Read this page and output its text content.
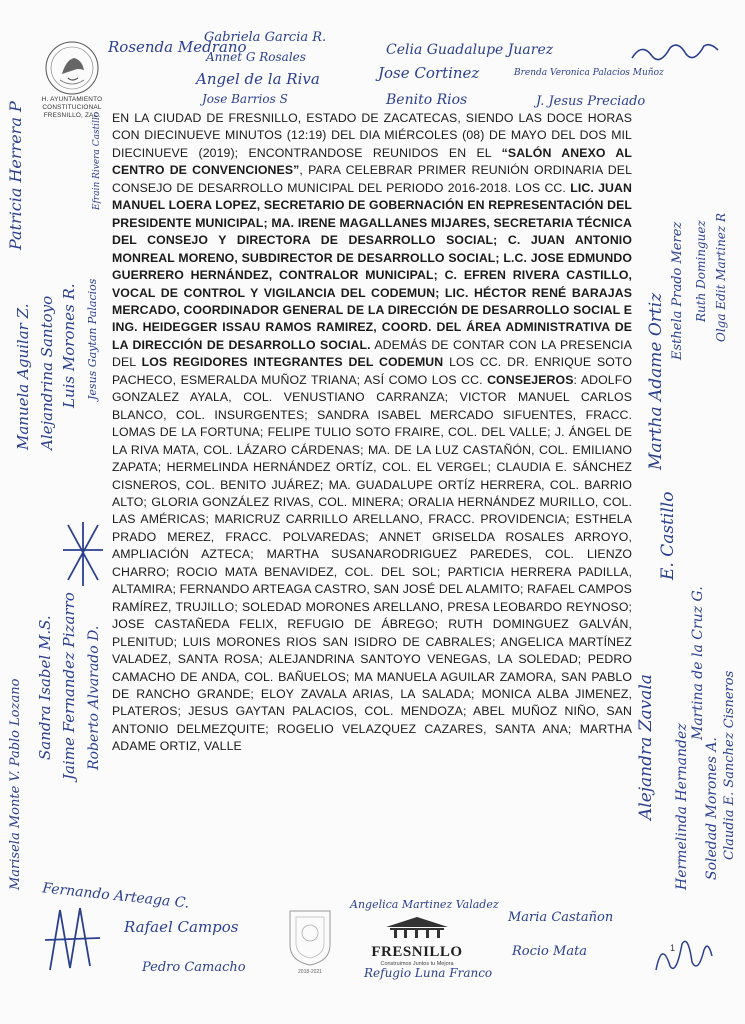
H. AYUNTAMIENTO
CONSTITUCIONAL
FRESNILLO, ZAC. EN LA CIUDAD DE FRESNILLO, ESTADO DE ZACATECAS, SIENDO LAS DOCE HORAS CON DIECINUEVE MINUTOS (12:19) DEL DIA MIÉRCOLES (08) DE MAYO DEL DOS MIL DIECINUEVE (2019); ENCONTRANDOSE REUNIDOS EN EL “SALÓN ANEXO AL CENTRO DE CONVENCIONES”, PARA CELEBRAR PRIMER REUNIÓN ORDINARIA DEL CONSEJO DE DESARROLLO MUNICIPAL DEL PERIODO 2016-2018. LOS CC. LIC. JUAN MANUEL LOERA LOPEZ, SECRETARIO DE GOBERNACIÓN EN REPRESENTACIÓN DEL PRESIDENTE MUNICIPAL; MA. IRENE MAGALLANES MIJARES, SECRETARIA TÉCNICA DEL CONSEJO Y DIRECTORA DE DESARROLLO SOCIAL; C. JUAN ANTONIO MONREAL MORENO, SUBDIRECTOR DE DESARROLLO SOCIAL; L.C. JOSE EDMUNDO GUERRERO HERNÁNDEZ, CONTRALOR MUNICIPAL; C. EFREN RIVERA CASTILLO, VOCAL DE CONTROL Y VIGILANCIA DEL CODEMUN; LIC. HÉCTOR RENÉ BARAJAS MERCADO, COORDINADOR GENERAL DE LA DIRECCIÓN DE DESARROLLO SOCIAL E ING. HEIDEGGER ISSAU RAMOS RAMIREZ, COORD. DEL ÁREA ADMINISTRATIVA DE LA DIRECCIÓN DE DESARROLLO SOCIAL. ADEMÁS DE CONTAR CON LA PRESENCIA DEL LOS REGIDORES INTEGRANTES DEL CODEMUN LOS CC. DR. ENRIQUE SOTO PACHECO, ESMERALDA MUÑOZ TRIANA; ASÍ COMO LOS CC. CONSEJEROS: ADOLFO GONZALEZ AYALA, COL. VENUSTIANO CARRANZA; VICTOR MANUEL CARLOS BLANCO, COL. INSURGENTES; SANDRA ISABEL MERCADO SIFUENTES, FRACC. LOMAS DE LA FORTUNA; FELIPE TULIO SOTO FRAIRE, COL. DEL VALLE; J. ÁNGEL DE LA RIVA MATA, COL. LÁZARO CÁRDENAS; MA. DE LA LUZ CASTAÑÓN, COL. EMILIANO ZAPATA; HERMELINDA HERNÁNDEZ ORTÍZ, COL. EL VERGEL; CLAUDIA E. SÁNCHEZ CISNEROS, COL. BENITO JUÁREZ; MA. GUADALUPE ORTÍZ HERRERA, COL. BARRIO ALTO; GLORIA GONZÁLEZ RIVAS, COL. MINERA; ORALIA HERNÁNDEZ MURILLO, COL. LAS AMÉRICAS; MARICRUZ CARRILLO ARELLANO, FRACC. PROVIDENCIA; ESTHELA PRADO MEREZ, FRACC. POLVAREDAS; ANNET GRISELDA ROSALES ARROYO, AMPLIACIÓN AZTECA; MARTHA SUSANARODRIGUEZ PAREDES, COL. LIENZO CHARRO; ROCIO MATA BENAVIDEZ, COL. DEL SOL; PARTICIA HERRERA PADILLA, ALTAMIRA; FERNANDO ARTEAGA CASTRO, SAN JOSÉ DEL ALAMITO; RAFAEL CAMPOS RAMÍREZ, TRUJILLO; SOLEDAD MORONES ARELLANO, PRESA LEOBARDO REYNOSO; JOSE CASTAÑEDA FELIX, REFUGIO DE ÁBREGO; RUTH DOMINGUEZ GALVÁN, PLENITUD; LUIS MORONES RIOS SAN ISIDRO DE CABRALES; ANGELICA MARTÍNEZ VALADEZ, SANTA ROSA; ALEJANDRINA SANTOYO VENEGAS, LA SOLEDAD; PEDRO CAMACHO DE ANDA, COL. BAÑUELOS; MA MANUELA AGUILAR ZAMORA, SAN PABLO DE RANCHO GRANDE; ELOY ZAVALA ARIAS, LA SALADA; MONICA ALBA JIMENEZ, PLATEROS; JESUS GAYTAN PALACIOS, COL. MENDOZA; ABEL MUÑOZ NIÑO, SAN ANTONIO DELMEZQUITE; ROGELIO VELAZQUEZ CAZARES, SANTA ANA; MARTHA ADAME ORTIZ, VALLE

Rosenda Medrano
Gabriela Garcia R.
Annet G Rosales	Celia Guadalupe Juarez
Jose Cortinez	Brenda Veronica Palacios Muñoz
Angel de la Riva
Jose Barrios S	Benito Rios	J. Jesus Preciado
Patricia Herrera P
Manuela Aguilar Z. Alejandrina Santoyo Luis Morones R. Jesus Gaytan Palacios
Efrain Rivera Castillo
Marisela Monte V. Pablo Lozano Sandra Isabel M.S. Jaime Fernandez Pizarro Roberto Alvarado D.
Martha Adame Ortiz
Esthela Prado Merez Ruth Dominguez Olga Edit Martinez R
E. Castillo
Alejandra Zavala Hermelinda Hernandez
Martina de la Cruz G.
Soledad Morones A. Claudia E. Sanchez Cisneros
Fernando Arteaga C.
Rafael Campos
Pedro Camacho
Angelica Martinez Valadez
Refugio Luna Franco
Maria Castañon
Rocio Mata
2018-2021
FRESNILLO
Construimos Juntos tu Mejora
1
